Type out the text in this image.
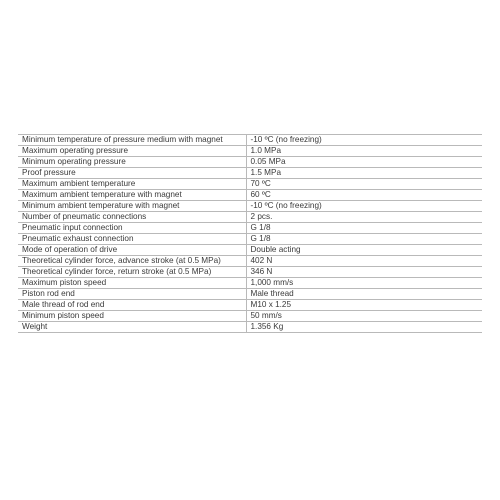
Minimum temperature of pressure medium with magnet	-10 ºC (no freezing)
Maximum operating pressure	1.0 MPa
Minimum operating pressure	0.05 MPa
Proof pressure	1.5 MPa
Maximum ambient temperature	70 ºC
Maximum ambient temperature with magnet	60 ºC
Minimum ambient temperature with magnet	-10 ºC (no freezing)
Number of pneumatic connections	2 pcs.
Pneumatic input connection	G 1/8
Pneumatic exhaust connection	G 1/8
Mode of operation of drive	Double acting
Theoretical cylinder force, advance stroke (at 0.5 MPa)	402 N
Theoretical cylinder force, return stroke (at 0.5 MPa)	346 N
Maximum piston speed	1,000 mm/s
Piston rod end	Male thread
Male thread of rod end	M10 x 1.25
Minimum piston speed	50 mm/s
Weight	1.356 Kg
